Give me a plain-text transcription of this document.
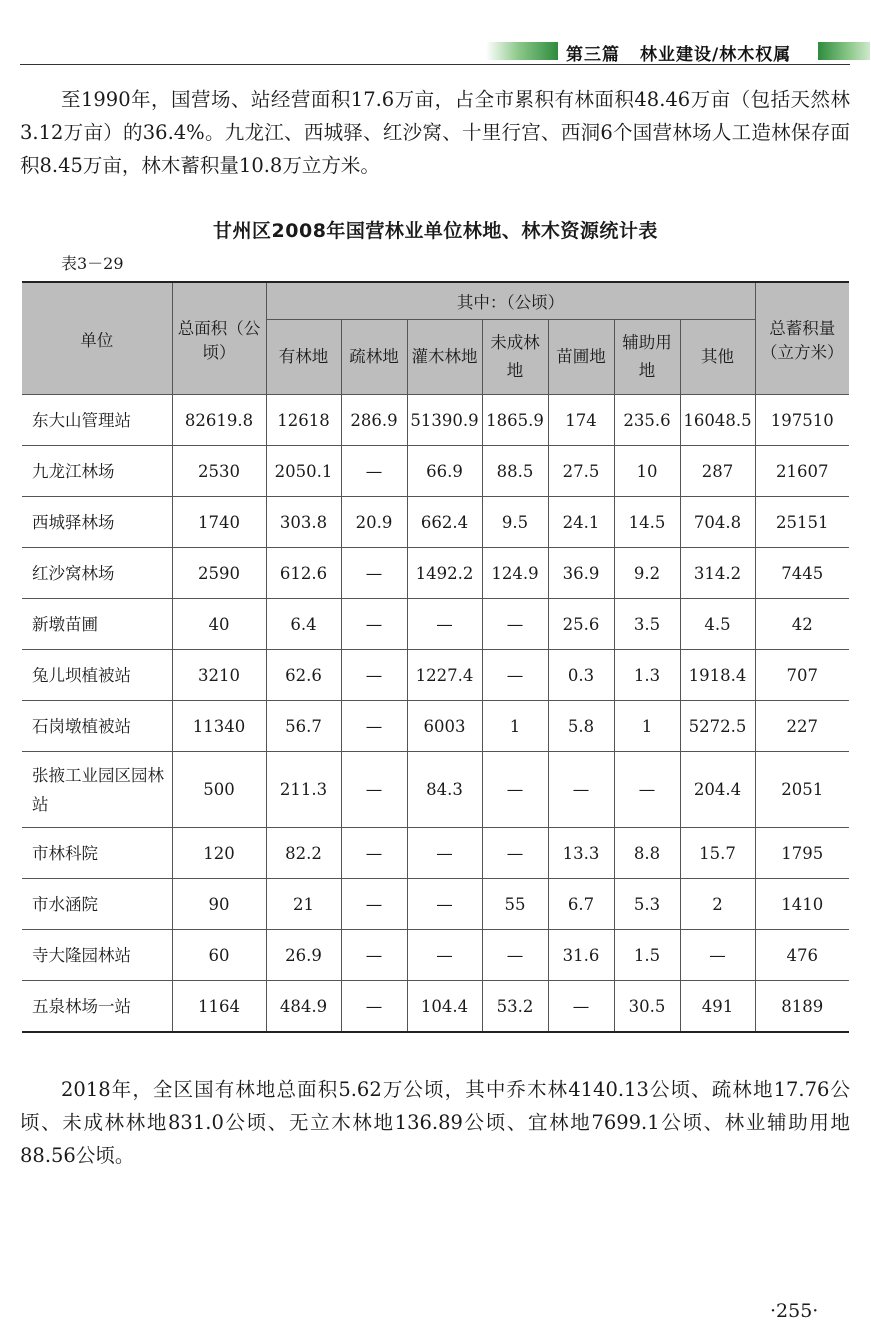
第三篇 林业建设/林木权属

至1990年，国营场、站经营面积17.6万亩，占全市累积有林面积48.46万亩（包括天然林3.12万亩）的36.4%。九龙江、西城驿、红沙窝、十里行宫、西洞6个国营林场人工造林保存面积8.45万亩，林木蓄积量10.8万立方米。

甘州区2008年国营林业单位林地、林木资源统计表
表3－29
单位	总面积（公顷）	其中：（公顷）							总蓄积量（立方米）
		有林地	疏林地	灌木林地	未成林地	苗圃地	辅助用地	其他	
东大山管理站	82619.8	12618	286.9	51390.9	1865.9	174	235.6	16048.5	197510
九龙江林场	2530	2050.1	—	66.9	88.5	27.5	10	287	21607
西城驿林场	1740	303.8	20.9	662.4	9.5	24.1	14.5	704.8	25151
红沙窝林场	2590	612.6	—	1492.2	124.9	36.9	9.2	314.2	7445
新墩苗圃	40	6.4	—	—	—	25.6	3.5	4.5	42
兔儿坝植被站	3210	62.6	—	1227.4	—	0.3	1.3	1918.4	707
石岗墩植被站	11340	56.7	—	6003	1	5.8	1	5272.5	227
张掖工业园区园林站	500	211.3	—	84.3	—	—	—	204.4	2051
市林科院	120	82.2	—	—	—	13.3	8.8	15.7	1795
市水涵院	90	21	—	—	55	6.7	5.3	2	1410
寺大隆园林站	60	26.9	—	—	—	31.6	1.5	—	476
五泉林场一站	1164	484.9	—	104.4	53.2	—	30.5	491	8189

2018年，全区国有林地总面积5.62万公顷，其中乔木林4140.13公顷、疏林地17.76公顷、未成林林地831.0公顷、无立木林地136.89公顷、宜林地7699.1公顷、林业辅助用地88.56公顷。

·255·
